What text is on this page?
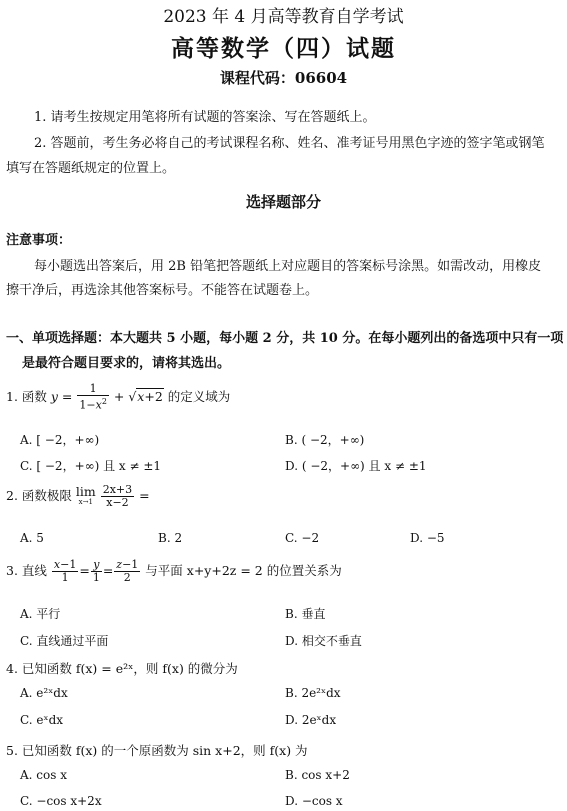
2023 年 4 月高等教育自学考试
高等数学（四）试题
课程代码：06604
1. 请考生按规定用笔将所有试题的答案涂、写在答题纸上。
2. 答题前，考生务必将自己的考试课程名称、姓名、准考证号用黑色字迹的签字笔或钢笔
填写在答题纸规定的位置上。
选择题部分
注意事项：
每小题选出答案后，用 2B 铅笔把答题纸上对应题目的答案标号涂黑。如需改动，用橡皮
擦干净后，再选涂其他答案标号。不能答在试题卷上。
一、单项选择题：本大题共 5 小题，每小题 2 分，共 10 分。在每小题列出的备选项中只有一项
是最符合题目要求的，请将其选出。
1. 函数 $y = \frac{1}{1-x^2} + √x+2$ 的定义域为
A. [ −2，+∞)	B. ( −2，+∞)
C. [ −2，+∞) 且 x ≠ ±1	D. ( −2，+∞) 且 x ≠ ±1
2. 函数极限 lim
x→1
$\frac{2x+3}{x-2}$ =
A. 5	B. 2	C. −2	D. −5
3. 直线 $\frac{x-1}{1} = \frac{y}{1} = \frac{z-1}{2}$ 与平面 x+y+2z = 2 的位置关系为
A. 平行	B. 垂直
C. 直线通过平面	D. 相交不垂直
4. 已知函数 f(x) = e²ˣ，则 f(x) 的微分为
A. e²ˣdx	B. 2e²ˣdx
C. eˣdx	D. 2eˣdx
5. 已知函数 f(x) 的一个原函数为 sin x+2，则 f(x) 为
A. cos x	B. cos x+2
C. −cos x+2x	D. −cos x
